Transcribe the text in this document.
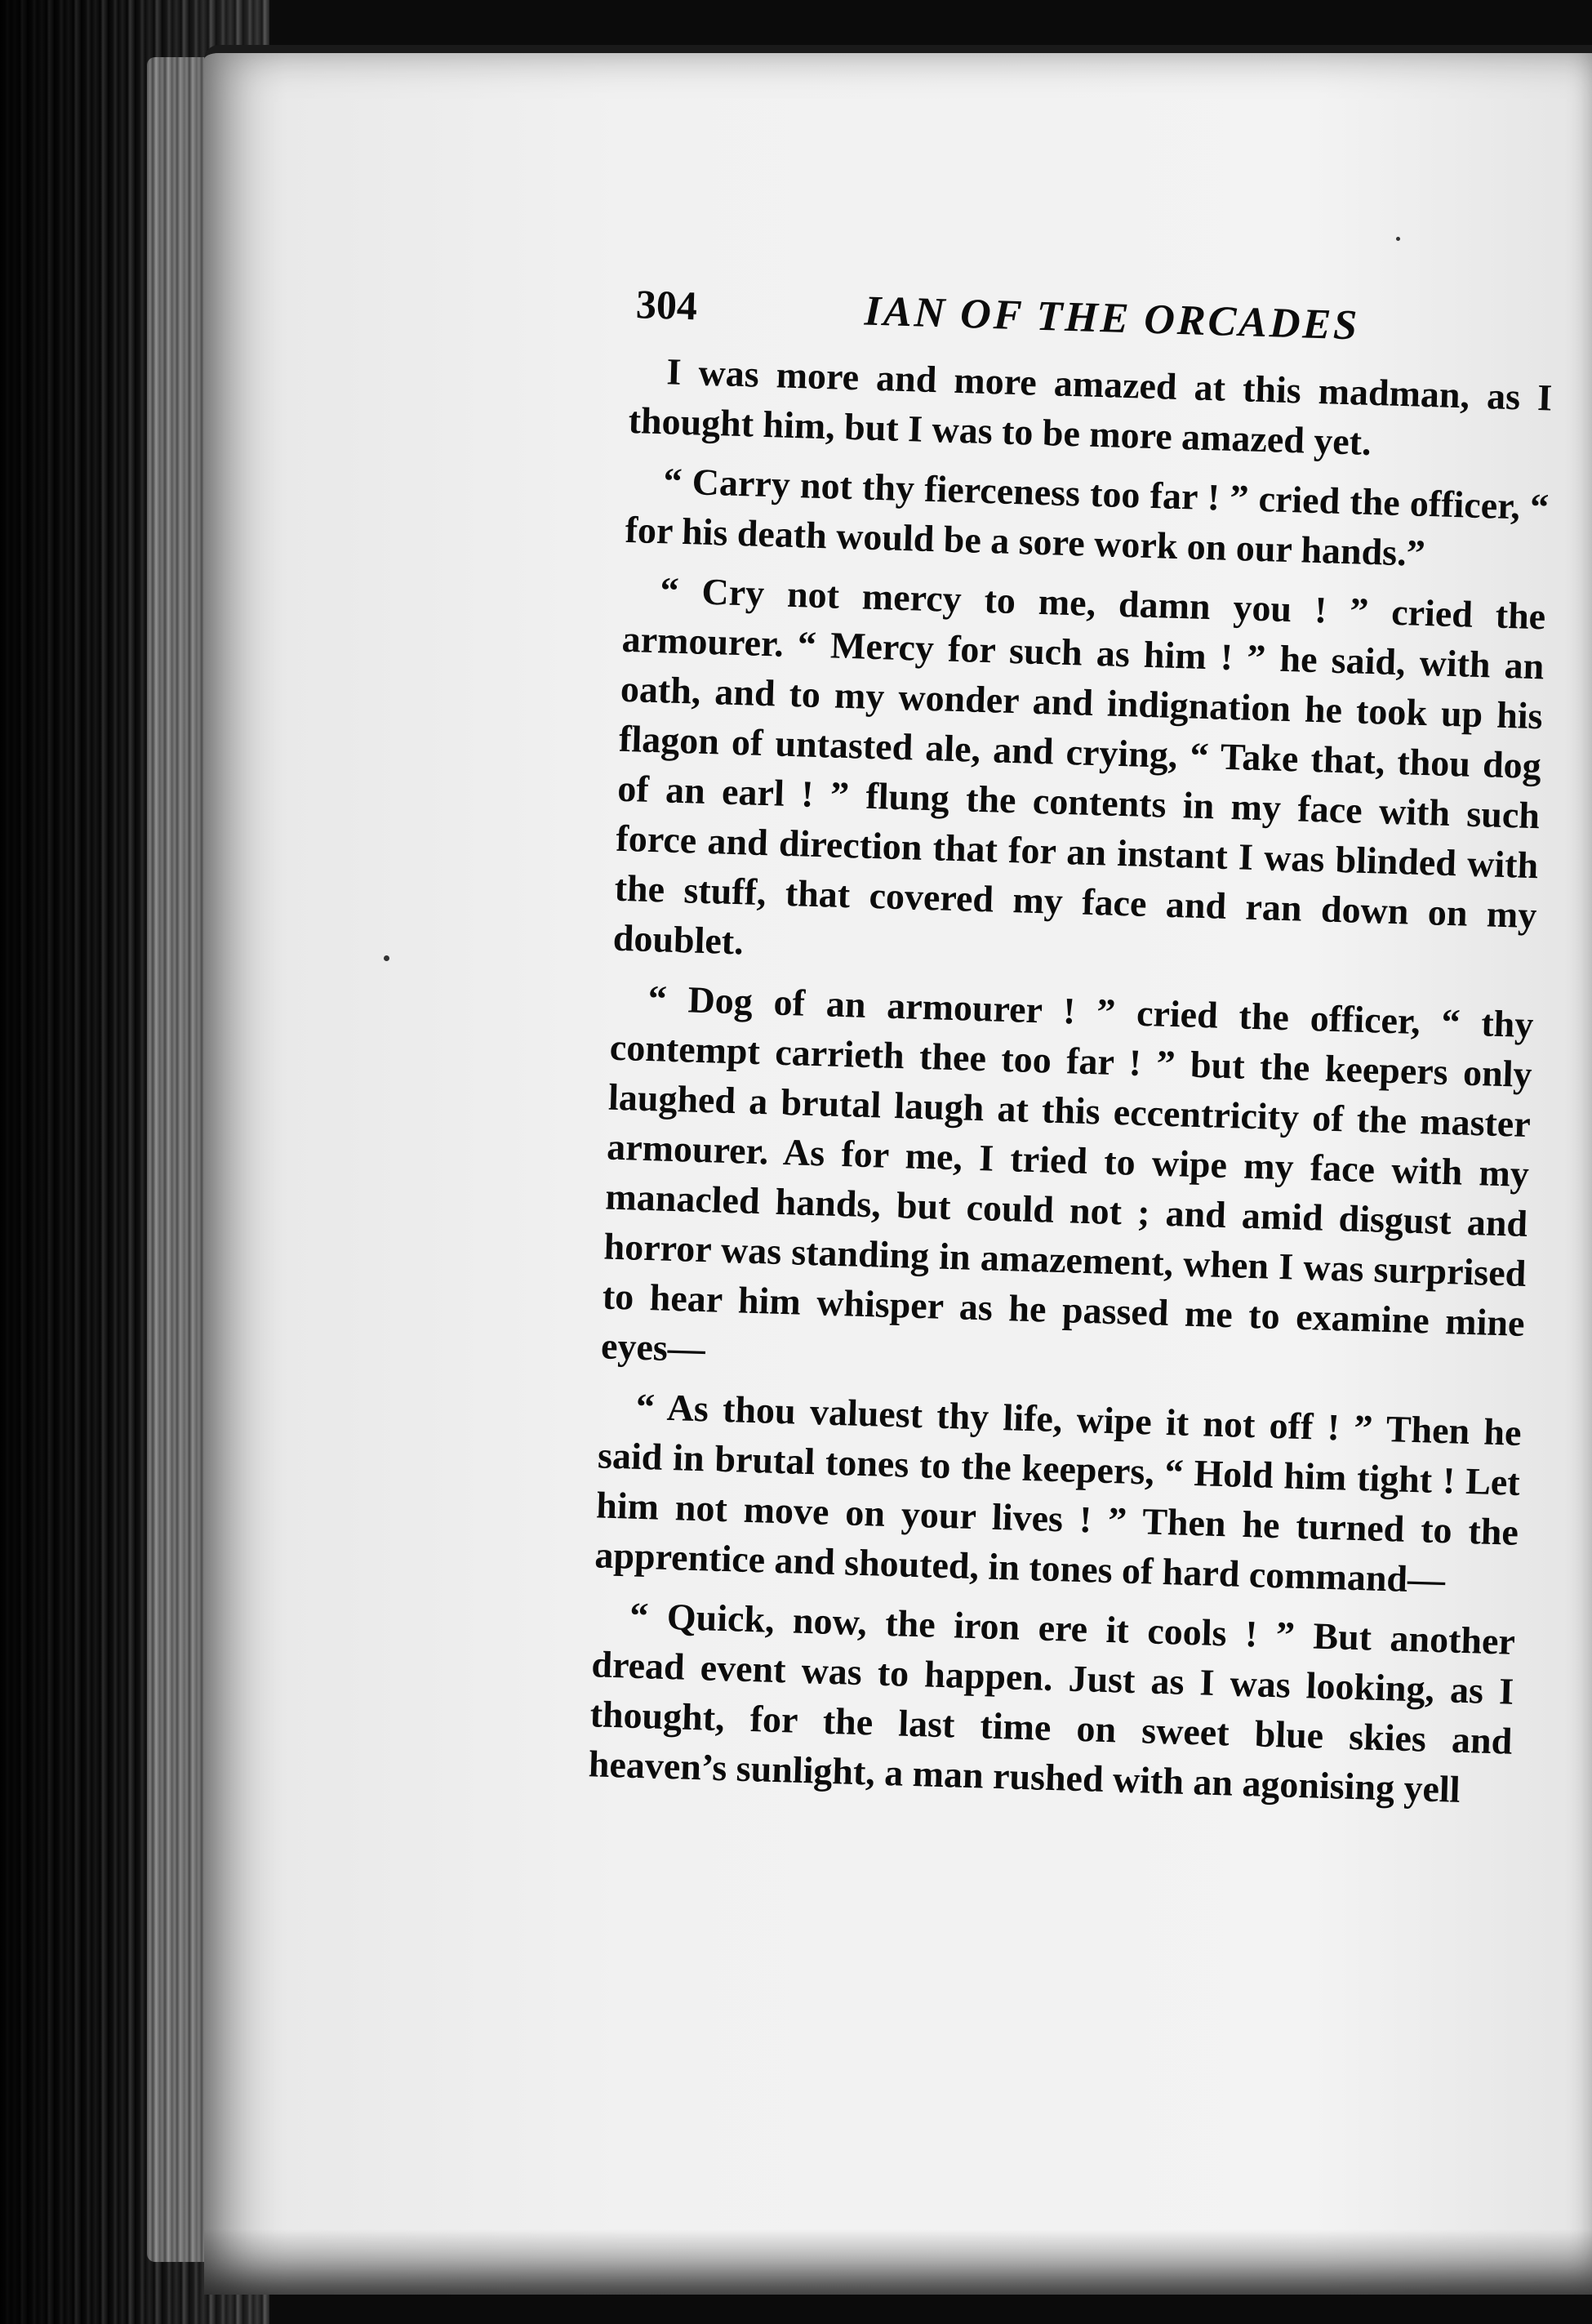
304	IAN OF THE ORCADES

I was more and more amazed at this madman, as I thought him, but I was to be more amazed yet.

“ Carry not thy fierceness too far ! ” cried the officer, “ for his death would be a sore work on our hands.”

“ Cry not mercy to me, damn you ! ” cried the armourer. “ Mercy for such as him ! ” he said, with an oath, and to my wonder and indignation he took up his flagon of untasted ale, and crying, “ Take that, thou dog of an earl ! ” flung the contents in my face with such force and direction that for an instant I was blinded with the stuff, that covered my face and ran down on my doublet.

“ Dog of an armourer ! ” cried the officer, “ thy contempt carrieth thee too far ! ” but the keepers only laughed a brutal laugh at this eccentricity of the master armourer. As for me, I tried to wipe my face with my manacled hands, but could not ; and amid disgust and horror was standing in amazement, when I was surprised to hear him whisper as he passed me to examine mine eyes—

“ As thou valuest thy life, wipe it not off ! ” Then he said in brutal tones to the keepers, “ Hold him tight ! Let him not move on your lives ! ” Then he turned to the apprentice and shouted, in tones of hard command—

“ Quick, now, the iron ere it cools ! ” But another dread event was to happen. Just as I was looking, as I thought, for the last time on sweet blue skies and heaven’s sunlight, a man rushed with an agonising yell
